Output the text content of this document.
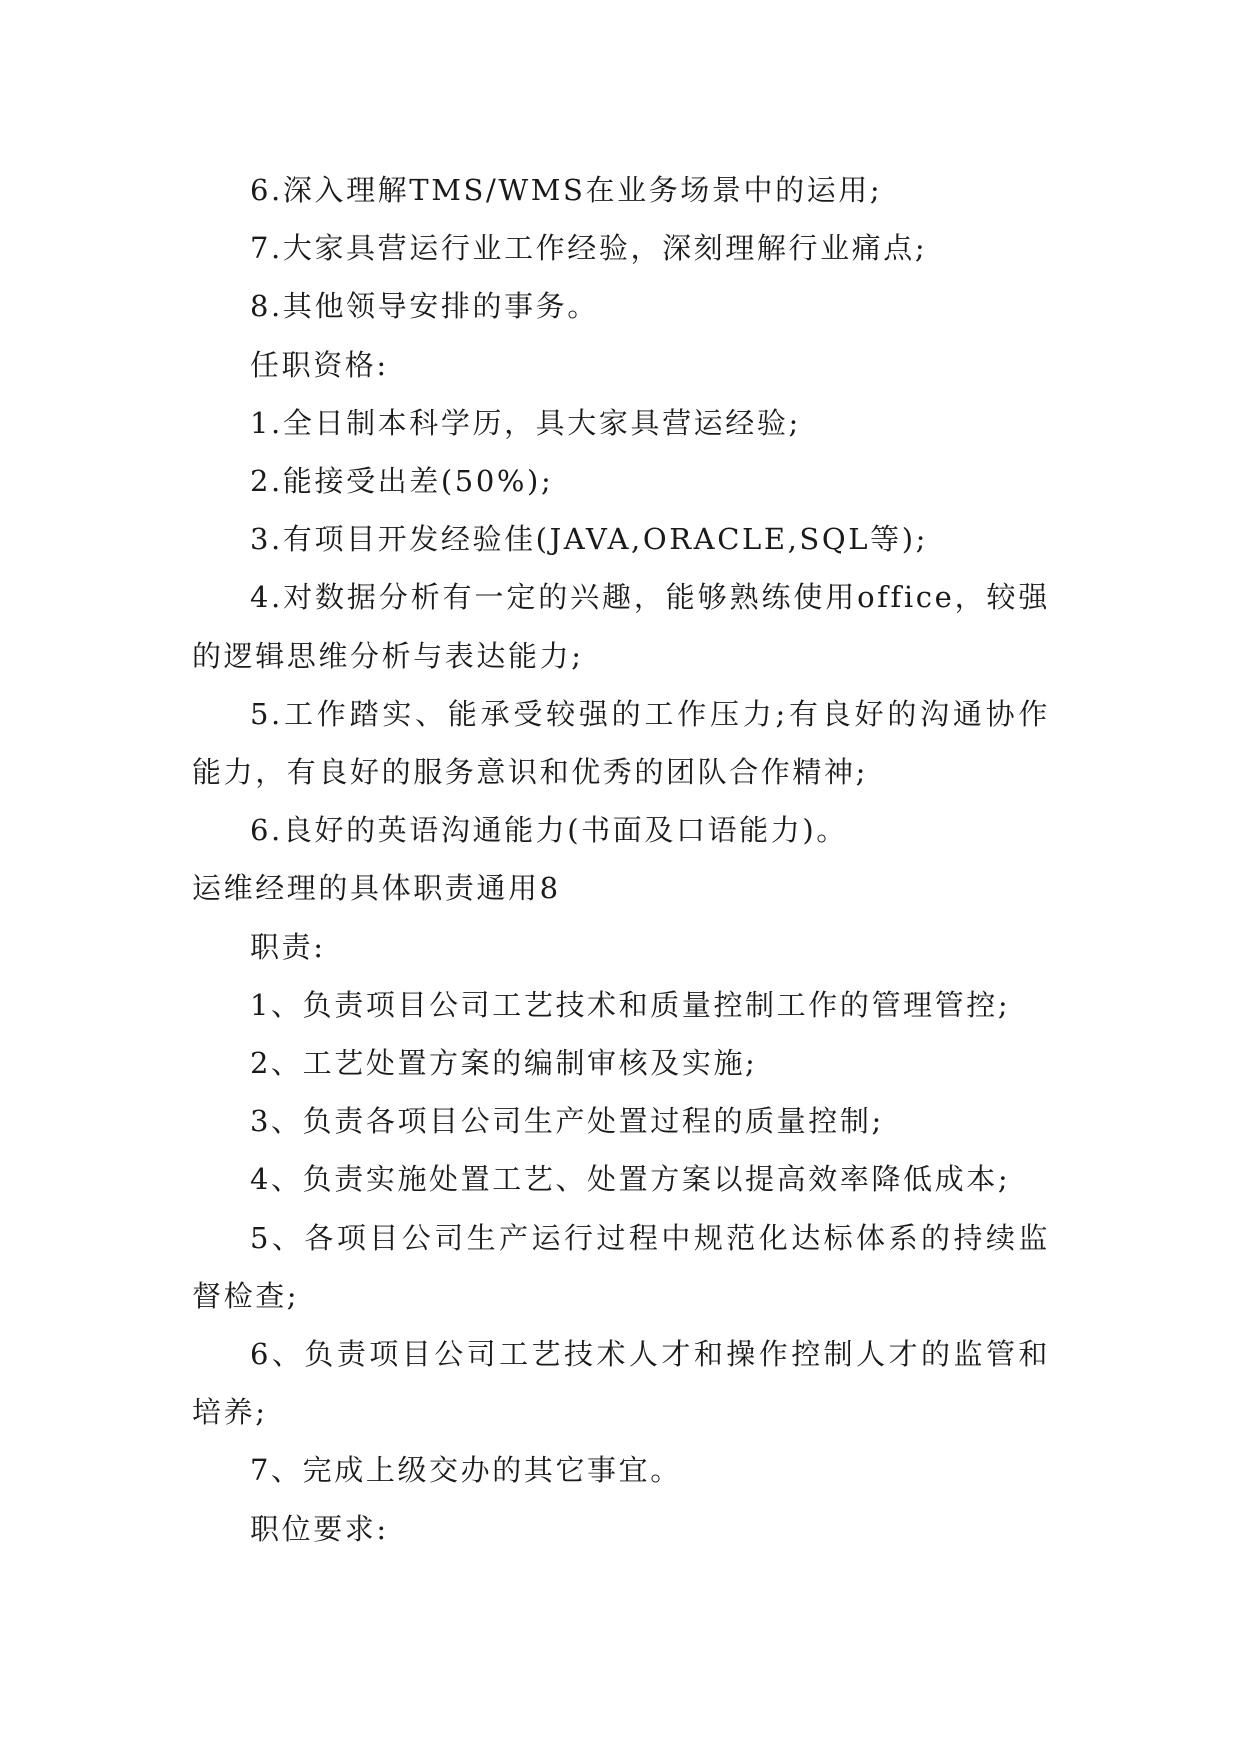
6.深入理解TMS/WMS在业务场景中的运用;

7.大家具营运行业工作经验，深刻理解行业痛点;

8.其他领导安排的事务。

任职资格:

1.全日制本科学历，具大家具营运经验;

2.能接受出差(50%);

3.有项目开发经验佳(JAVA,ORACLE,SQL等);

4.对数据分析有一定的兴趣，能够熟练使用office，较强的逻辑思维分析与表达能力;

5.工作踏实、能承受较强的工作压力;有良好的沟通协作能力，有良好的服务意识和优秀的团队合作精神;

6.良好的英语沟通能力(书面及口语能力)。

运维经理的具体职责通用8

职责:

1、负责项目公司工艺技术和质量控制工作的管理管控;

2、工艺处置方案的编制审核及实施;

3、负责各项目公司生产处置过程的质量控制;

4、负责实施处置工艺、处置方案以提高效率降低成本;

5、各项目公司生产运行过程中规范化达标体系的持续监督检查;

6、负责项目公司工艺技术人才和操作控制人才的监管和培养;

7、完成上级交办的其它事宜。

职位要求:
